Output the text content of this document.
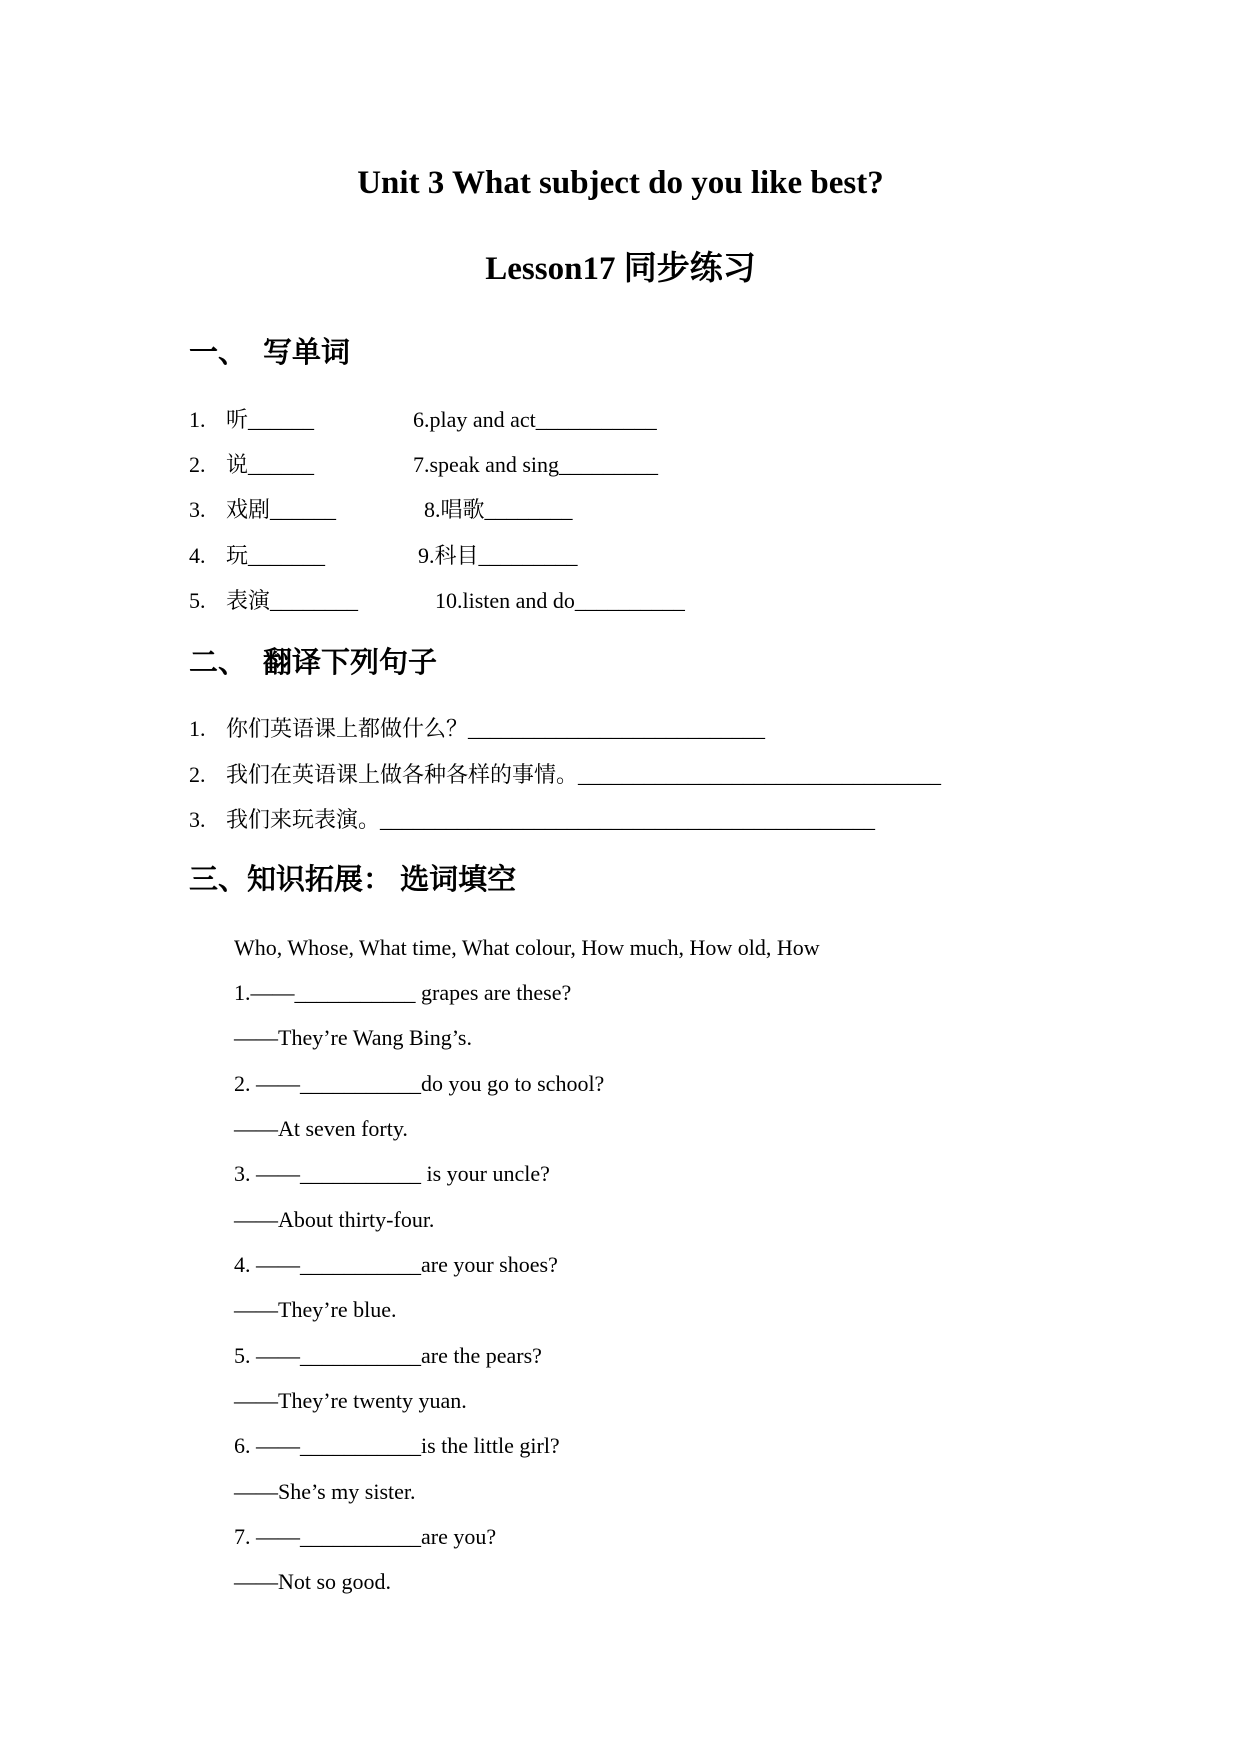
Unit 3 What subject do you like best?
Lesson17 同步练习
一、 写单词
1. 听______	6.play and act___________
2. 说______	7.speak and sing_________
3. 戏剧______	8.唱歌________
4. 玩_______	9.科目_________
5. 表演________	10.listen and do__________
二、 翻译下列句子
1. 你们英语课上都做什么？___________________________
2. 我们在英语课上做各种各样的事情。_________________________________
3. 我们来玩表演。_____________________________________________
三、知识拓展： 选词填空
Who, Whose, What time, What colour, How much, How old, How
1.——___________ grapes are these?
——They’re Wang Bing’s.
2. ——___________do you go to school?
——At seven forty.
3. ——___________ is your uncle?
——About thirty-four.
4. ——___________are your shoes?
——They’re blue.
5. ——___________are the pears?
——They’re twenty yuan.
6. ——___________is the little girl?
——She’s my sister.
7. ——___________are you?
——Not so good.
